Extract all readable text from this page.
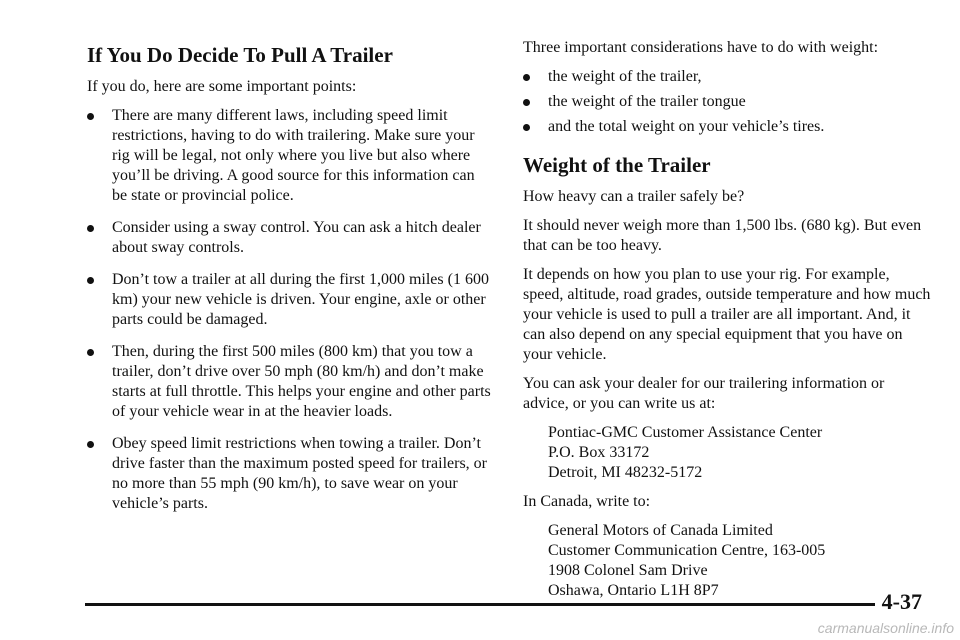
If You Do Decide To Pull A Trailer

If you do, here are some important points:

There are many different laws, including speed limit restrictions, having to do with trailering. Make sure your rig will be legal, not only where you live but also where you’ll be driving. A good source for this information can be state or provincial police.
Consider using a sway control. You can ask a hitch dealer about sway controls.
Don’t tow a trailer at all during the first 1,000 miles (1 600 km) your new vehicle is driven. Your engine, axle or other parts could be damaged.
Then, during the first 500 miles (800 km) that you tow a trailer, don’t drive over 50 mph (80 km/h) and don’t make starts at full throttle. This helps your engine and other parts of your vehicle wear in at the heavier loads.
Obey speed limit restrictions when towing a trailer. Don’t drive faster than the maximum posted speed for trailers, or no more than 55 mph (90 km/h), to save wear on your vehicle’s parts.

Three important considerations have to do with weight:

the weight of the trailer,
the weight of the trailer tongue
and the total weight on your vehicle’s tires.
Weight of the Trailer

How heavy can a trailer safely be?

It should never weigh more than 1,500 lbs. (680 kg). But even that can be too heavy.

It depends on how you plan to use your rig. For example, speed, altitude, road grades, outside temperature and how much your vehicle is used to pull a trailer are all important. And, it can also depend on any special equipment that you have on your vehicle.

You can ask your dealer for our trailering information or advice, or you can write us at:

Pontiac‐GMC Customer Assistance Center
P.O. Box 33172
Detroit, MI 48232‐5172

In Canada, write to:

General Motors of Canada Limited
Customer Communication Centre, 163‐005
1908 Colonel Sam Drive
Oshawa, Ontario L1H 8P7	4-37
carmanualsonline.info
